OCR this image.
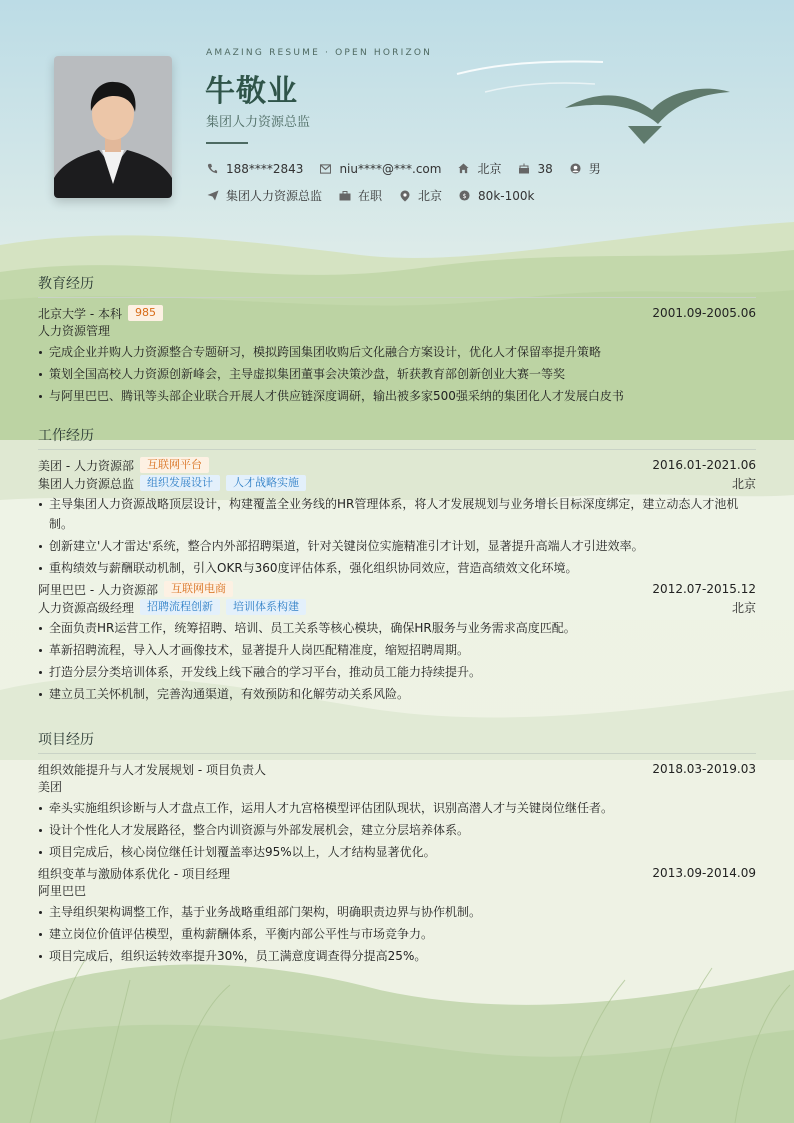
AMAZING RESUME · OPEN HORIZON
牛敬业
集团人力资源总监
188****2843	niu****@***.com	北京	38	男
集团人力资源总监	在职	北京	$ 80k-100k
教育经历
北京大学 - 本科	985	2001.09-2005.06
人力资源管理
完成企业并购人力资源整合专题研习，模拟跨国集团收购后文化融合方案设计，优化人才保留率提升策略
策划全国高校人力资源创新峰会，主导虚拟集团董事会决策沙盘，斩获教育部创新创业大赛一等奖
与阿里巴巴、腾讯等头部企业联合开展人才供应链深度调研，输出被多家500强采纳的集团化人才发展白皮书
工作经历
美团 - 人力资源部	互联网平台	2016.01-2021.06
集团人力资源总监	组织发展设计	人才战略实施	北京
主导集团人力资源战略顶层设计，构建覆盖全业务线的HR管理体系，将人才发展规划与业务增长目标深度绑定，建立动态人才池机制。
创新建立'人才雷达'系统，整合内外部招聘渠道，针对关键岗位实施精准引才计划，显著提升高端人才引进效率。
重构绩效与薪酬联动机制，引入OKR与360度评估体系，强化组织协同效应，营造高绩效文化环境。
阿里巴巴 - 人力资源部	互联网电商	2012.07-2015.12
人力资源高级经理	招聘流程创新	培训体系构建	北京
全面负责HR运营工作，统筹招聘、培训、员工关系等核心模块，确保HR服务与业务需求高度匹配。
革新招聘流程，导入人才画像技术，显著提升人岗匹配精准度，缩短招聘周期。
打造分层分类培训体系，开发线上线下融合的学习平台，推动员工能力持续提升。
建立员工关怀机制，完善沟通渠道，有效预防和化解劳动关系风险。
项目经历
组织效能提升与人才发展规划 - 项目负责人	2018.03-2019.03
美团
牵头实施组织诊断与人才盘点工作，运用人才九宫格模型评估团队现状，识别高潜人才与关键岗位继任者。
设计个性化人才发展路径，整合内训资源与外部发展机会，建立分层培养体系。
项目完成后，核心岗位继任计划覆盖率达95%以上，人才结构显著优化。
组织变革与激励体系优化 - 项目经理	2013.09-2014.09
阿里巴巴
主导组织架构调整工作，基于业务战略重组部门架构，明确职责边界与协作机制。
建立岗位价值评估模型，重构薪酬体系，平衡内部公平性与市场竞争力。
项目完成后，组织运转效率提升30%，员工满意度调查得分提高25%。
